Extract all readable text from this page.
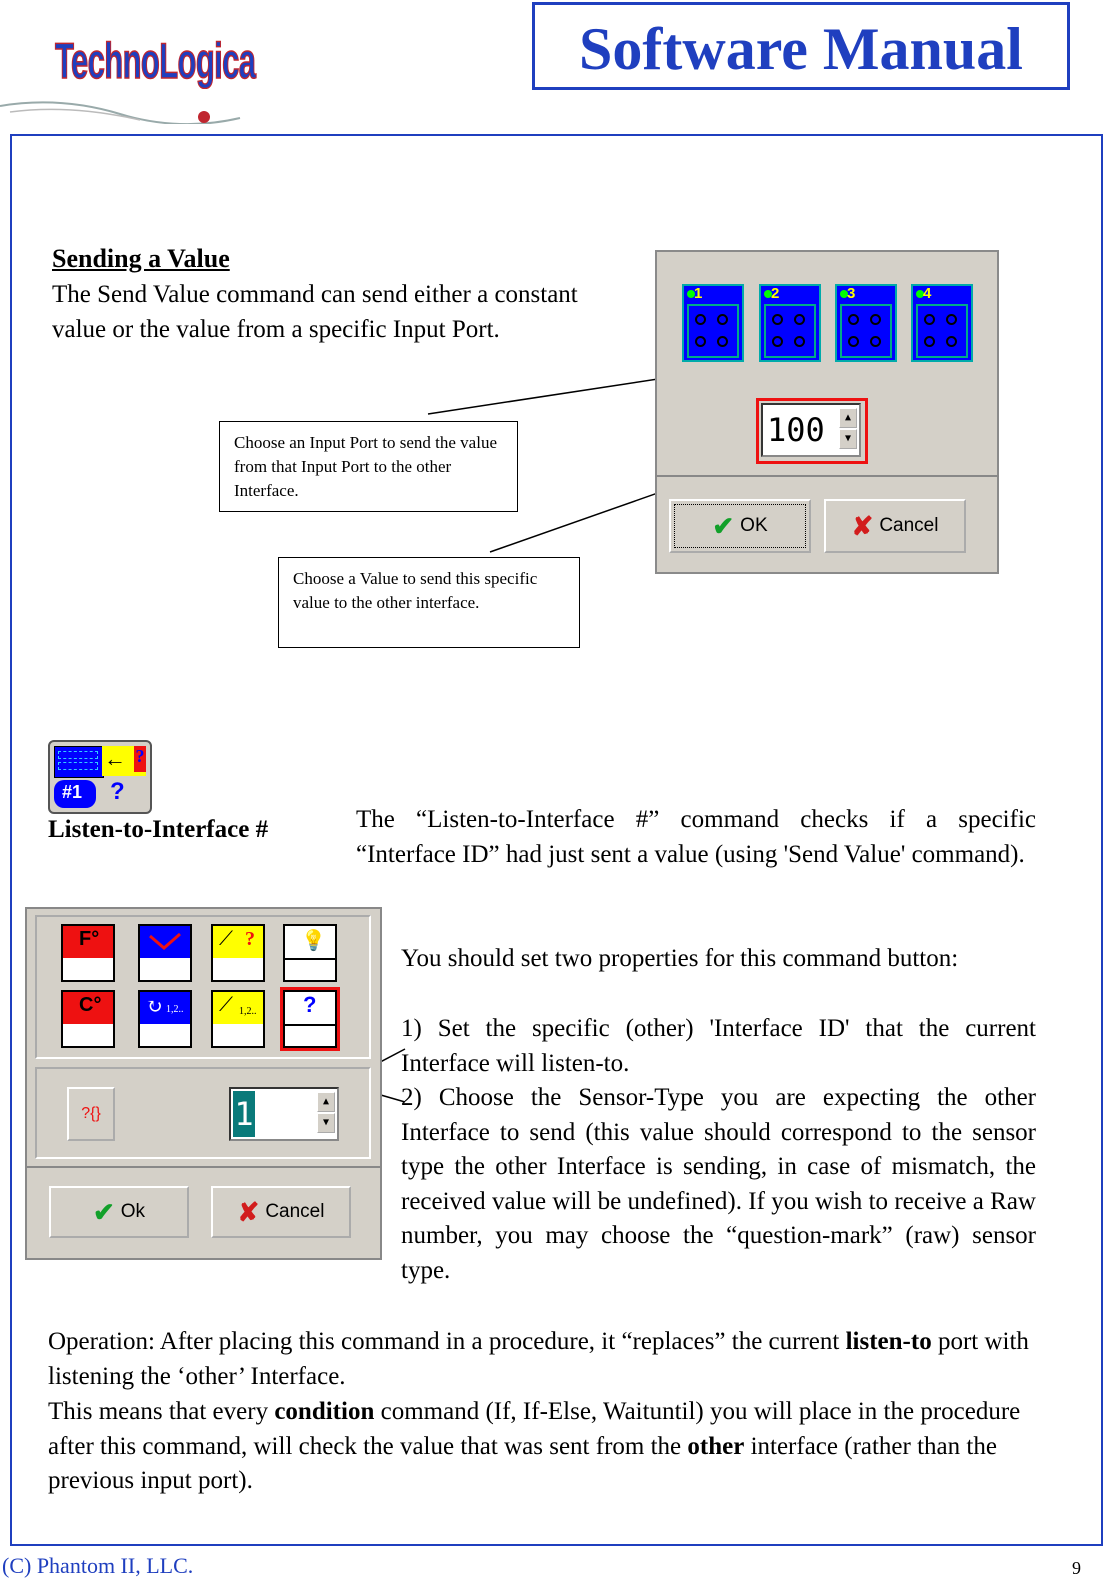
TechnoLogica	Software Manual
Sending a Value
The Send Value command can send either a constant value or the value from a specific Input Port.
1	2	3	4
100	▲
▼
✔ OK	✘ Cancel
Choose an Input Port to send the value from that Input Port to the other Interface.
Choose a Value to send this specific value to the other interface.
← ?
#1 ?
Listen-to-Interface #
F°	⟋ ? 💡
C° ↻ 1,2.. ⟋ 1,2.. ?
?{}	1	▲
▼
✔ Ok	✘ Cancel
The “Listen-to-Interface #” command checks if a specific “Interface ID” had just sent a value (using 'Send Value' command).
You should set two properties for this command button:
1) Set the specific (other) 'Interface ID' that the current Interface will listen-to.
2) Choose the Sensor-Type you are expecting the other Interface to send (this value should correspond to the sensor type the other Interface is sending, in case of mismatch, the received value will be undefined). If you wish to receive a Raw number, you may choose the “question-mark” (raw) sensor type.
Operation: After placing this command in a procedure, it “replaces” the current listen-to port with listening the ‘other’ Interface.
This means that every condition command (If, If-Else, Waituntil) you will place in the procedure after this command, will check the value that was sent from the other interface (rather than the previous input port).
(C) Phantom II, LLC.	9
